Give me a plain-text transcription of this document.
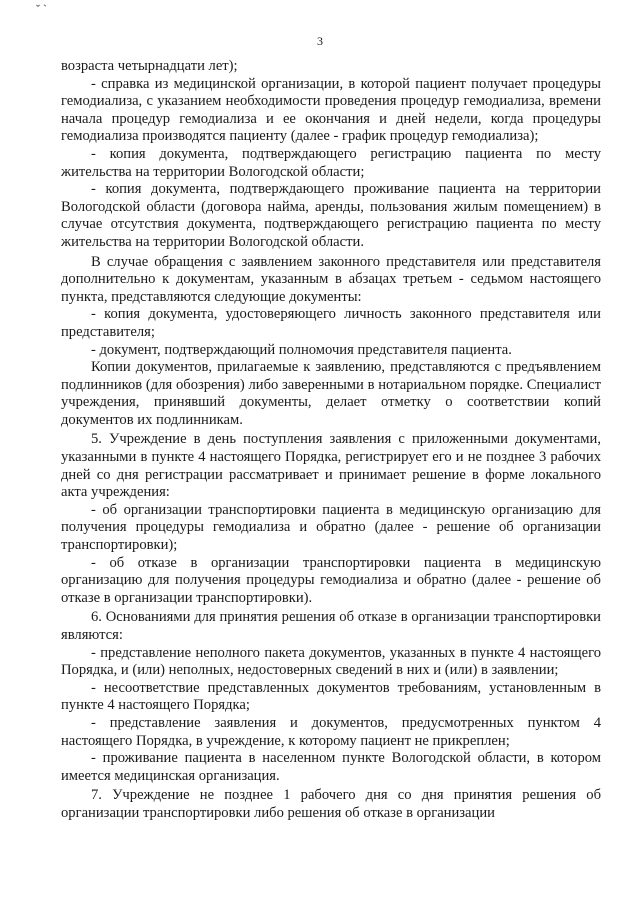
ˇ ˋ
3

возраста четырнадцати лет);

- справка из медицинской организации, в которой пациент получает процедуры гемодиализа, с указанием необходимости проведения процедур гемодиализа, времени начала процедур гемодиализа и ее окончания и дней недели, когда процедуры гемодиализа производятся пациенту (далее - график процедур гемодиализа);

- копия документа, подтверждающего регистрацию пациента по месту жительства на территории Вологодской области;

- копия документа, подтверждающего проживание пациента на территории Вологодской области (договора найма, аренды, пользования жилым помещением) в случае отсутствия документа, подтверждающего регистрацию пациента по месту жительства на территории Вологодской области.

В случае обращения с заявлением законного представителя или представителя дополнительно к документам, указанным в абзацах третьем - седьмом настоящего пункта, представляются следующие документы:

- копия документа, удостоверяющего личность законного представителя или представителя;

- документ, подтверждающий полномочия представителя пациента.

Копии документов, прилагаемые к заявлению, представляются с предъявлением подлинников (для обозрения) либо заверенными в нотариальном порядке. Специалист учреждения, принявший документы, делает отметку о соответствии копий документов их подлинникам.

5. Учреждение в день поступления заявления с приложенными документами, указанными в пункте 4 настоящего Порядка, регистрирует его и не позднее 3 рабочих дней со дня регистрации рассматривает и принимает решение в форме локального акта учреждения:

- об организации транспортировки пациента в медицинскую организацию для получения процедуры гемодиализа и обратно (далее - решение об организации транспортировки);

- об отказе в организации транспортировки пациента в медицинскую организацию для получения процедуры гемодиализа и обратно (далее - решение об отказе в организации транспортировки).

6. Основаниями для принятия решения об отказе в организации транспортировки являются:

- представление неполного пакета документов, указанных в пункте 4 настоящего Порядка, и (или) неполных, недостоверных сведений в них и (или) в заявлении;

- несоответствие представленных документов требованиям, установленным в пункте 4 настоящего Порядка;

- представление заявления и документов, предусмотренных пунктом 4 настоящего Порядка, в учреждение, к которому пациент не прикреплен;

- проживание пациента в населенном пункте Вологодской области, в котором имеется медицинская организация.

7. Учреждение не позднее 1 рабочего дня со дня принятия решения об организации транспортировки либо решения об отказе в организации
